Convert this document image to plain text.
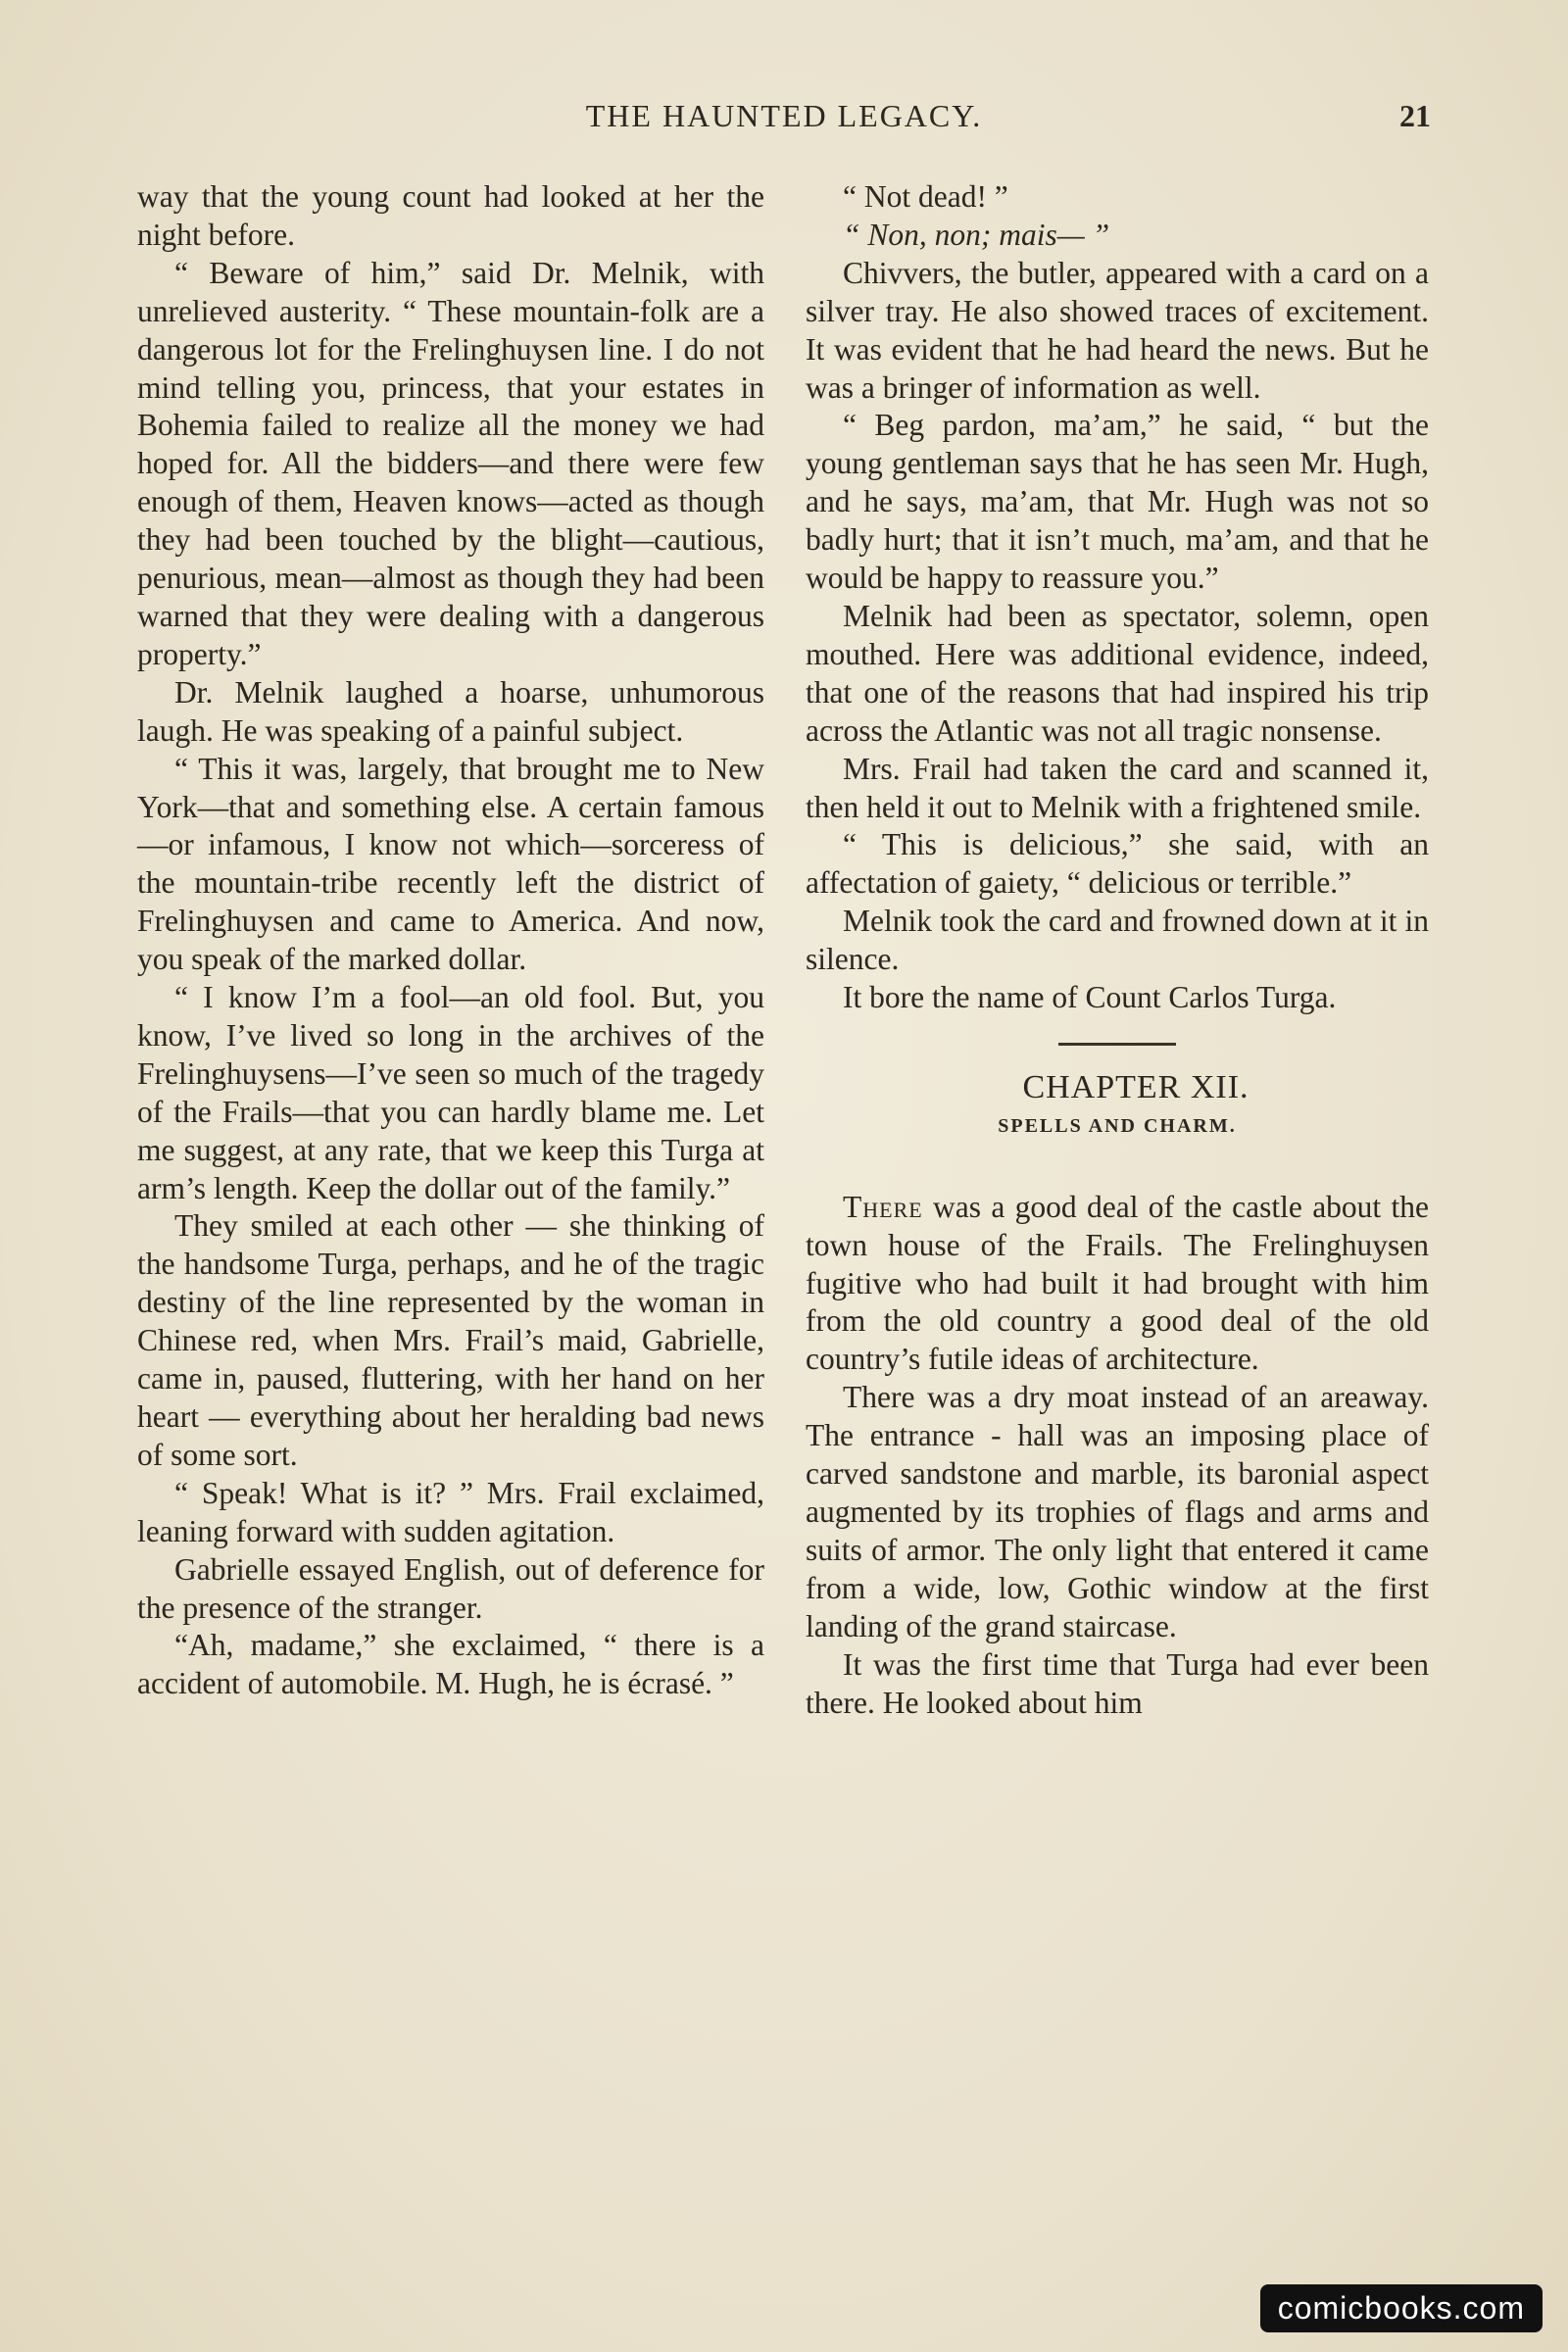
THE HAUNTED LEGACY.	21

way that the young count had looked at her the night before.

“ Beware of him,” said Dr. Melnik, with unrelieved austerity. “ These mountain-folk are a dangerous lot for the Frelinghuysen line. I do not mind telling you, princess, that your estates in Bohemia failed to realize all the money we had hoped for. All the bidders—and there were few enough of them, Heaven knows—acted as though they had been touched by the blight—cautious, penurious, mean—almost as though they had been warned that they were dealing with a dangerous property.”

Dr. Melnik laughed a hoarse, unhumorous laugh. He was speaking of a painful subject.

“ This it was, largely, that brought me to New York—that and something else. A certain famous—or infamous, I know not which—sorceress of the mountain-tribe recently left the district of Frelinghuysen and came to America. And now, you speak of the marked dollar.

“ I know I’m a fool—an old fool. But, you know, I’ve lived so long in the archives of the Frelinghuysens—I’ve seen so much of the tragedy of the Frails—that you can hardly blame me. Let me suggest, at any rate, that we keep this Turga at arm’s length. Keep the dollar out of the family.”

They smiled at each other — she thinking of the handsome Turga, perhaps, and he of the tragic destiny of the line represented by the woman in Chinese red, when Mrs. Frail’s maid, Gabrielle, came in, paused, fluttering, with her hand on her heart — everything about her heralding bad news of some sort.

“ Speak! What is it? ” Mrs. Frail exclaimed, leaning forward with sudden agitation.

Gabrielle essayed English, out of deference for the presence of the stranger.

“Ah, madame,” she exclaimed, “ there is a accident of automobile. M. Hugh, he is écrasé. ”

“ Not dead! ”

“ Non, non; mais— ”

Chivvers, the butler, appeared with a card on a silver tray. He also showed traces of excitement. It was evident that he had heard the news. But he was a bringer of information as well.

“ Beg pardon, ma’am,” he said, “ but the young gentleman says that he has seen Mr. Hugh, and he says, ma’am, that Mr. Hugh was not so badly hurt; that it isn’t much, ma’am, and that he would be happy to reassure you.”

Melnik had been as spectator, solemn, open mouthed. Here was additional evidence, indeed, that one of the reasons that had inspired his trip across the Atlantic was not all tragic nonsense.

Mrs. Frail had taken the card and scanned it, then held it out to Melnik with a frightened smile.

“ This is delicious,” she said, with an affectation of gaiety, “ delicious or terrible.”

Melnik took the card and frowned down at it in silence.

It bore the name of Count Carlos Turga.

CHAPTER XII.

SPELLS AND CHARM.

There was a good deal of the castle about the town house of the Frails. The Frelinghuysen fugitive who had built it had brought with him from the old country a good deal of the old country’s futile ideas of architecture.

There was a dry moat instead of an areaway. The entrance - hall was an imposing place of carved sandstone and marble, its baronial aspect augmented by its trophies of flags and arms and suits of armor. The only light that entered it came from a wide, low, Gothic window at the first landing of the grand staircase.

It was the first time that Turga had ever been there. He looked about him

comicbooks.com
